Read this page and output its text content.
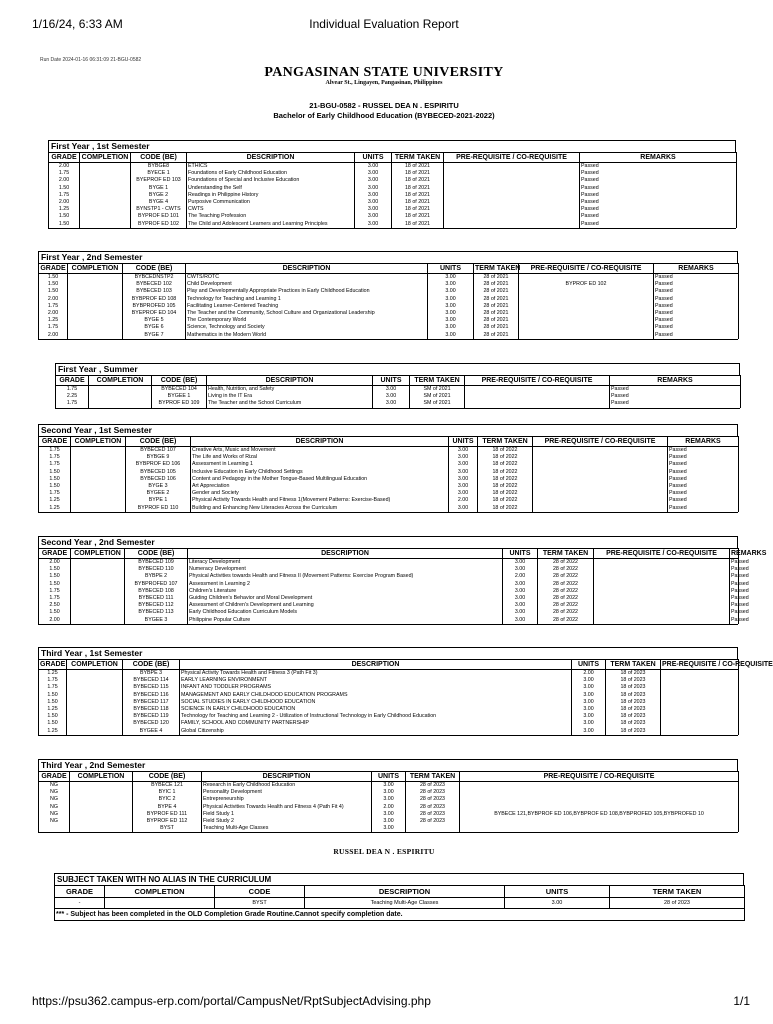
1/16/24, 6:33 AM	Individual Evaluation Report
Run Date 2024-01-16 06:31:09 21-BGU-0582
PANGASINAN STATE UNIVERSITY
Alvear St., Lingayen, Pangasinan, Philippines
21-BGU-0582 - RUSSEL DEA N . ESPIRITU
Bachelor of Early Childhood Education (BYBECED-2021-2022)
First Year , 1st Semester
GRADE	COMPLETION	CODE (BE)	DESCRIPTION	UNITS	TERM TAKEN	PRE-REQUISITE / CO-REQUISITE	REMARKS
2.00		BYBGE8	ETHICS	3.00	18 of 2021		Passed
1.75		BYECE 1	Foundations of Early Childhood Education	3.00	18 of 2021		Passed
2.00		BYEPROF ED 103	Foundations of Special and Inclusive Education	3.00	18 of 2021		Passed
1.50		BYGE 1	Understanding the Self	3.00	18 of 2021		Passed
1.75		BYGE 2	Readings in Philippine History	3.00	18 of 2021		Passed
2.00		BYGE 4	Purposive Communication	3.00	18 of 2021		Passed
1.25		BYNSTP1 - CWTS	CWTS	3.00	18 of 2021		Passed
1.50		BYPROF ED 101	The Teaching Profession	3.00	18 of 2021		Passed
1.50		BYPROF ED 102	The Child and Adolescent Learners and Learning Principles	3.00	18 of 2021		Passed
First Year , 2nd Semester
GRADE	COMPLETION	CODE (BE)	DESCRIPTION	UNITS	TERM TAKEN	PRE-REQUISITE / CO-REQUISITE	REMARKS
1.50		BYBCEDNSTP2	CWTS/ROTC	3.00	28 of 2021		Passed
1.50		BYBECED 102	Child Development	3.00	28 of 2021	BYPROF ED 102	Passed
1.50		BYBECED 103	Play and Developmentally Appropriate Practices in Early Childhood Education	3.00	28 of 2021		Passed
2.00		BYBPROF ED 108	Technology for Teaching and Learning 1	3.00	28 of 2021		Passed
1.75		BYBPROFED 105	Facilitating Learner-Centered Teaching	3.00	28 of 2021		Passed
2.00		BYEPROF ED 104	The Teacher and the Community, School Culture and Organizational Leadership	3.00	28 of 2021		Passed
1.25		BYGE 5	The Contemporary World	3.00	28 of 2021		Passed
1.75		BYGE 6	Science, Technology and Society	3.00	28 of 2021		Passed
2.00		BYGE 7	Mathematics in the Modern World	3.00	28 of 2021		Passed
First Year , Summer
GRADE	COMPLETION	CODE (BE)	DESCRIPTION	UNITS	TERM TAKEN	PRE-REQUISITE / CO-REQUISITE	REMARKS
1.75		BYBECED 104	Health, Nutrition, and Safety	3.00	SM of 2021		Passed
2.25		BYGEE 1	Living in the IT Era	3.00	SM of 2021		Passed
1.75		BYPROF ED 109	The Teacher and the School Curriculum	3.00	SM of 2021		Passed
Second Year , 1st Semester
GRADE	COMPLETION	CODE (BE)	DESCRIPTION	UNITS	TERM TAKEN	PRE-REQUISITE / CO-REQUISITE	REMARKS
1.75		BYBECED 107	Creative Arts, Music and Movement	3.00	18 of 2022		Passed
1.75		BYBGE 9	The Life and Works of Rizal	3.00	18 of 2022		Passed
1.75		BYBPROF ED 106	Assessment in Learning 1	3.00	18 of 2022		Passed
1.50		BYBECED 105	Inclusive Education in Early Childhood Settings	3.00	18 of 2022		Passed
1.50		BYBECED 106	Content and Pedagogy in the Mother Tongue-Based Multilingual Education	3.00	18 of 2022		Passed
1.50		BYGE 3	Art Appreciation	3.00	18 of 2022		Passed
1.75		BYGEE 2	Gender and Society	3.00	18 of 2022		Passed
1.25		BYPE 1	Physical Activity Towards Health and Fitness 1(Movement Patterns: Exercise-Based)	2.00	18 of 2022		Passed
1.25		BYPROF ED 110	Building and Enhancing New Literacies Across the Curriculum	3.00	18 of 2022		Passed
Second Year , 2nd Semester
GRADE	COMPLETION	CODE (BE)	DESCRIPTION	UNITS	TERM TAKEN	PRE-REQUISITE / CO-REQUISITE	REMARKS
2.00		BYBECED 109	Literacy Development	3.00	28 of 2022		Passed
1.50		BYBECED 110	Numeracy Development	3.00	28 of 2022		Passed
1.50		BYBPE 2	Physical Activities towards Health and Fitness II (Movement Patterns: Exercise Program Based)	2.00	28 of 2022		Passed
1.50		BYBPROFED 107	Assessment in Learning 2	3.00	28 of 2022		Passed
1.75		BYBECED 108	Children's Literature	3.00	28 of 2022		Passed
1.75		BYBECED 111	Guiding Children's Behavior and Moral Development	3.00	28 of 2022		Passed
2.50		BYBECED 112	Assessment of Children's Development and Learning	3.00	28 of 2022		Passed
1.50		BYBECED 113	Early Childhood Education Curriculum Models	3.00	28 of 2022		Passed
2.00		BYGEE 3	Philippine Popular Culture	3.00	28 of 2022		Passed
Third Year , 1st Semester
GRADE	COMPLETION	CODE (BE)	DESCRIPTION	UNITS	TERM TAKEN	PRE-REQUISITE / CO-REQUISITE
1.25		BYBPE 3	Physical Activity Towards Health and Fitness 3 (Path Fit 3)	2.00	18 of 2023	
1.75		BYBECED 114	EARLY LEARNING ENVIRONMENT	3.00	18 of 2023	
1.75		BYBECED 115	INFANT AND TODDLER PROGRAMS	3.00	18 of 2023	
1.50		BYBECED 116	MANAGEMENT AND EARLY CHILDHOOD EDUCATION PROGRAMS	3.00	18 of 2023	
1.50		BYBECED 117	SOCIAL STUDIES IN EARLY CHILDHOOD EDUCATION	3.00	18 of 2023	
1.25		BYBECED 118	SCIENCE IN EARLY CHILDHOOD EDUCATION	3.00	18 of 2023	
1.50		BYBECED 119	Technology for Teaching and Learning 2 - Utilization of Instructional Technology in Early Childhood Education	3.00	18 of 2023	
1.50		BYBECED 120	FAMILY, SCHOOL AND COMMUNITY PARTNERSHIP	3.00	18 of 2023	
1.25		BYGEE 4	Global Citizenship	3.00	18 of 2023	
Third Year , 2nd Semester
GRADE	COMPLETION	CODE (BE)	DESCRIPTION	UNITS	TERM TAKEN	PRE-REQUISITE / CO-REQUISITE
NG		BYBECE 121	Research in Early Childhood Education	3.00	28 of 2023	
NG		BYIC 1	Personality Development	3.00	28 of 2023	
NG		BYIC 2	Entrepreneurship	3.00	28 of 2023	
NG		BYPE 4	Physical Activities Towards Health and Fitness 4 (Path Fit 4)	2.00	28 of 2023	
NG		BYPROF ED 111	Field Study 1	3.00	28 of 2023	BYBECE 121,BYBPROF ED 106,BYBPROF ED 108,BYBPROFED 105,BYBPROFED 10
NG		BYPROF ED 112	Field Study 2	3.00	28 of 2023	
		BYST	Teaching Multi-Age Classes	3.00		
RUSSEL DEA N . ESPIRITU
SUBJECT TAKEN WITH NO ALIAS IN THE CURRICULUM
GRADE	COMPLETION	CODE	DESCRIPTION	UNITS	TERM TAKEN
-		BYST	Teaching Multi-Age Classes	3.00	28 of 2023
*** - Subject has been completed in the OLD Completion Grade Routine.Cannot specify completion date.					
https://psu362.campus-erp.com/portal/CampusNet/RptSubjectAdvising.php	1/1
